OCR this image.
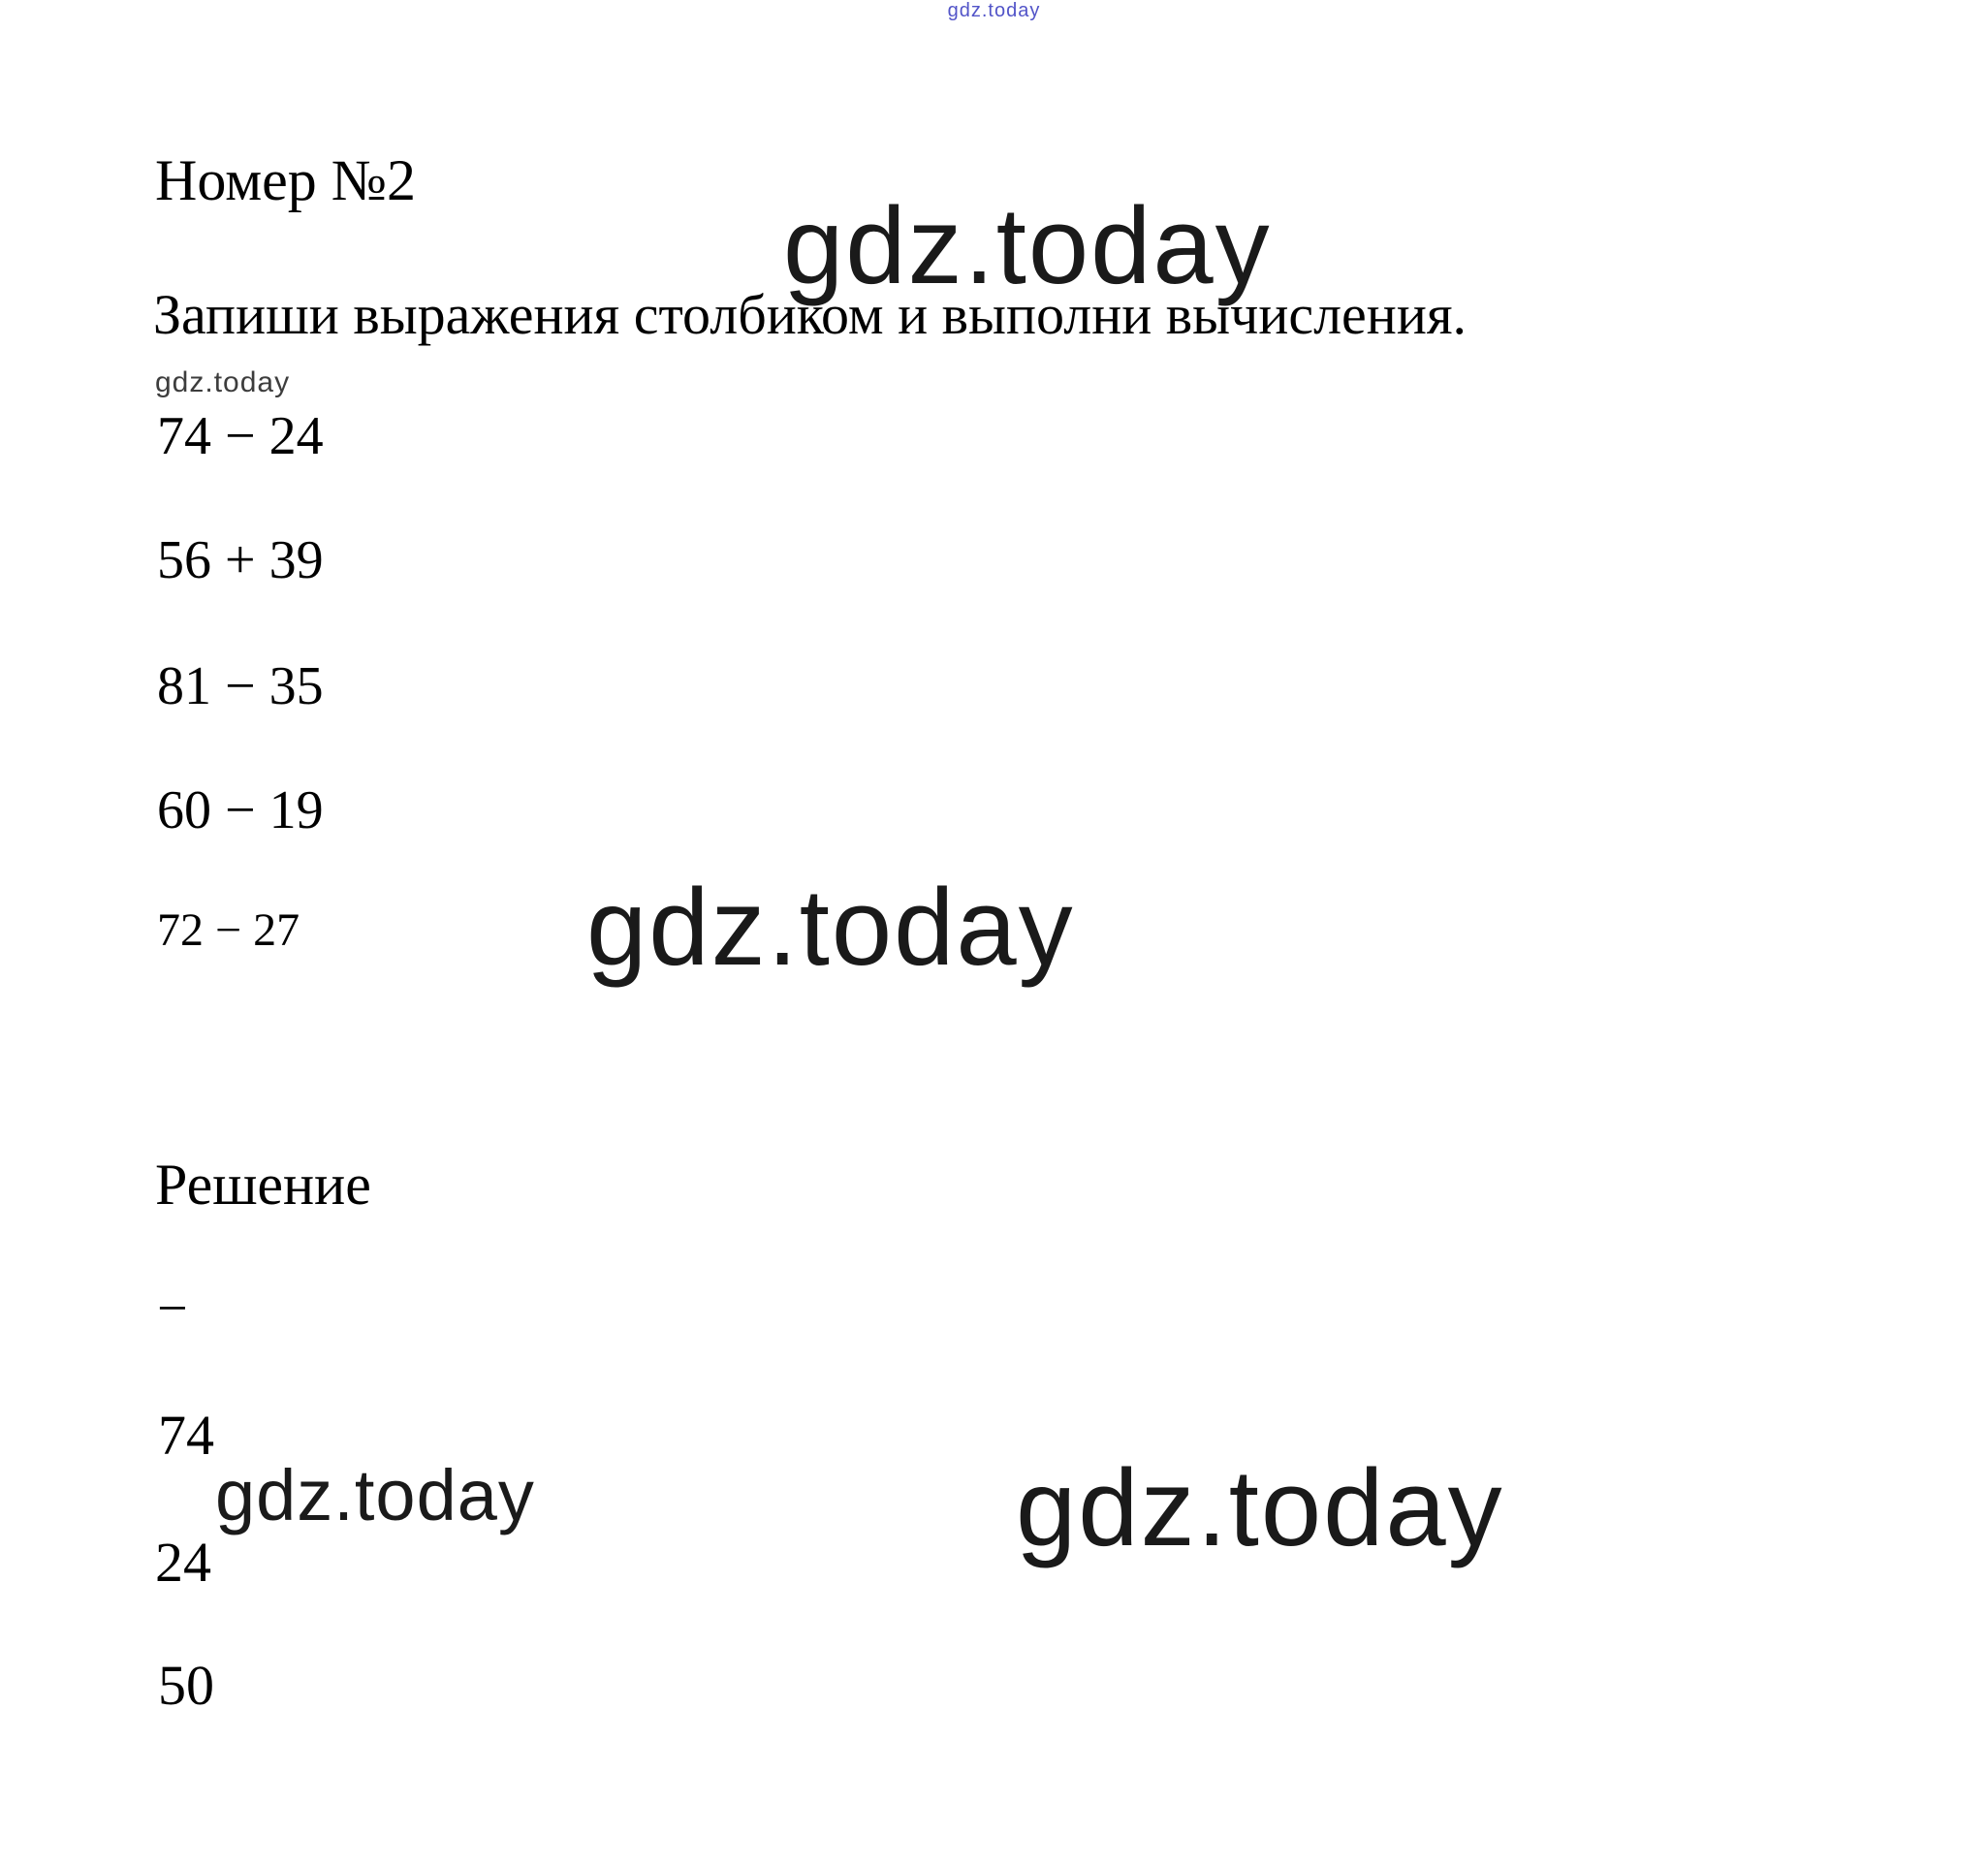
gdz.today
Номер №2
gdz.today

Запиши выражения столбиком и выполни вычисления.

gdz.today
74 − 24
56 + 39
81 − 35
60 − 19
72 − 27	gdz.today
Решение
−
74
gdz.today
24
50
gdz.today
